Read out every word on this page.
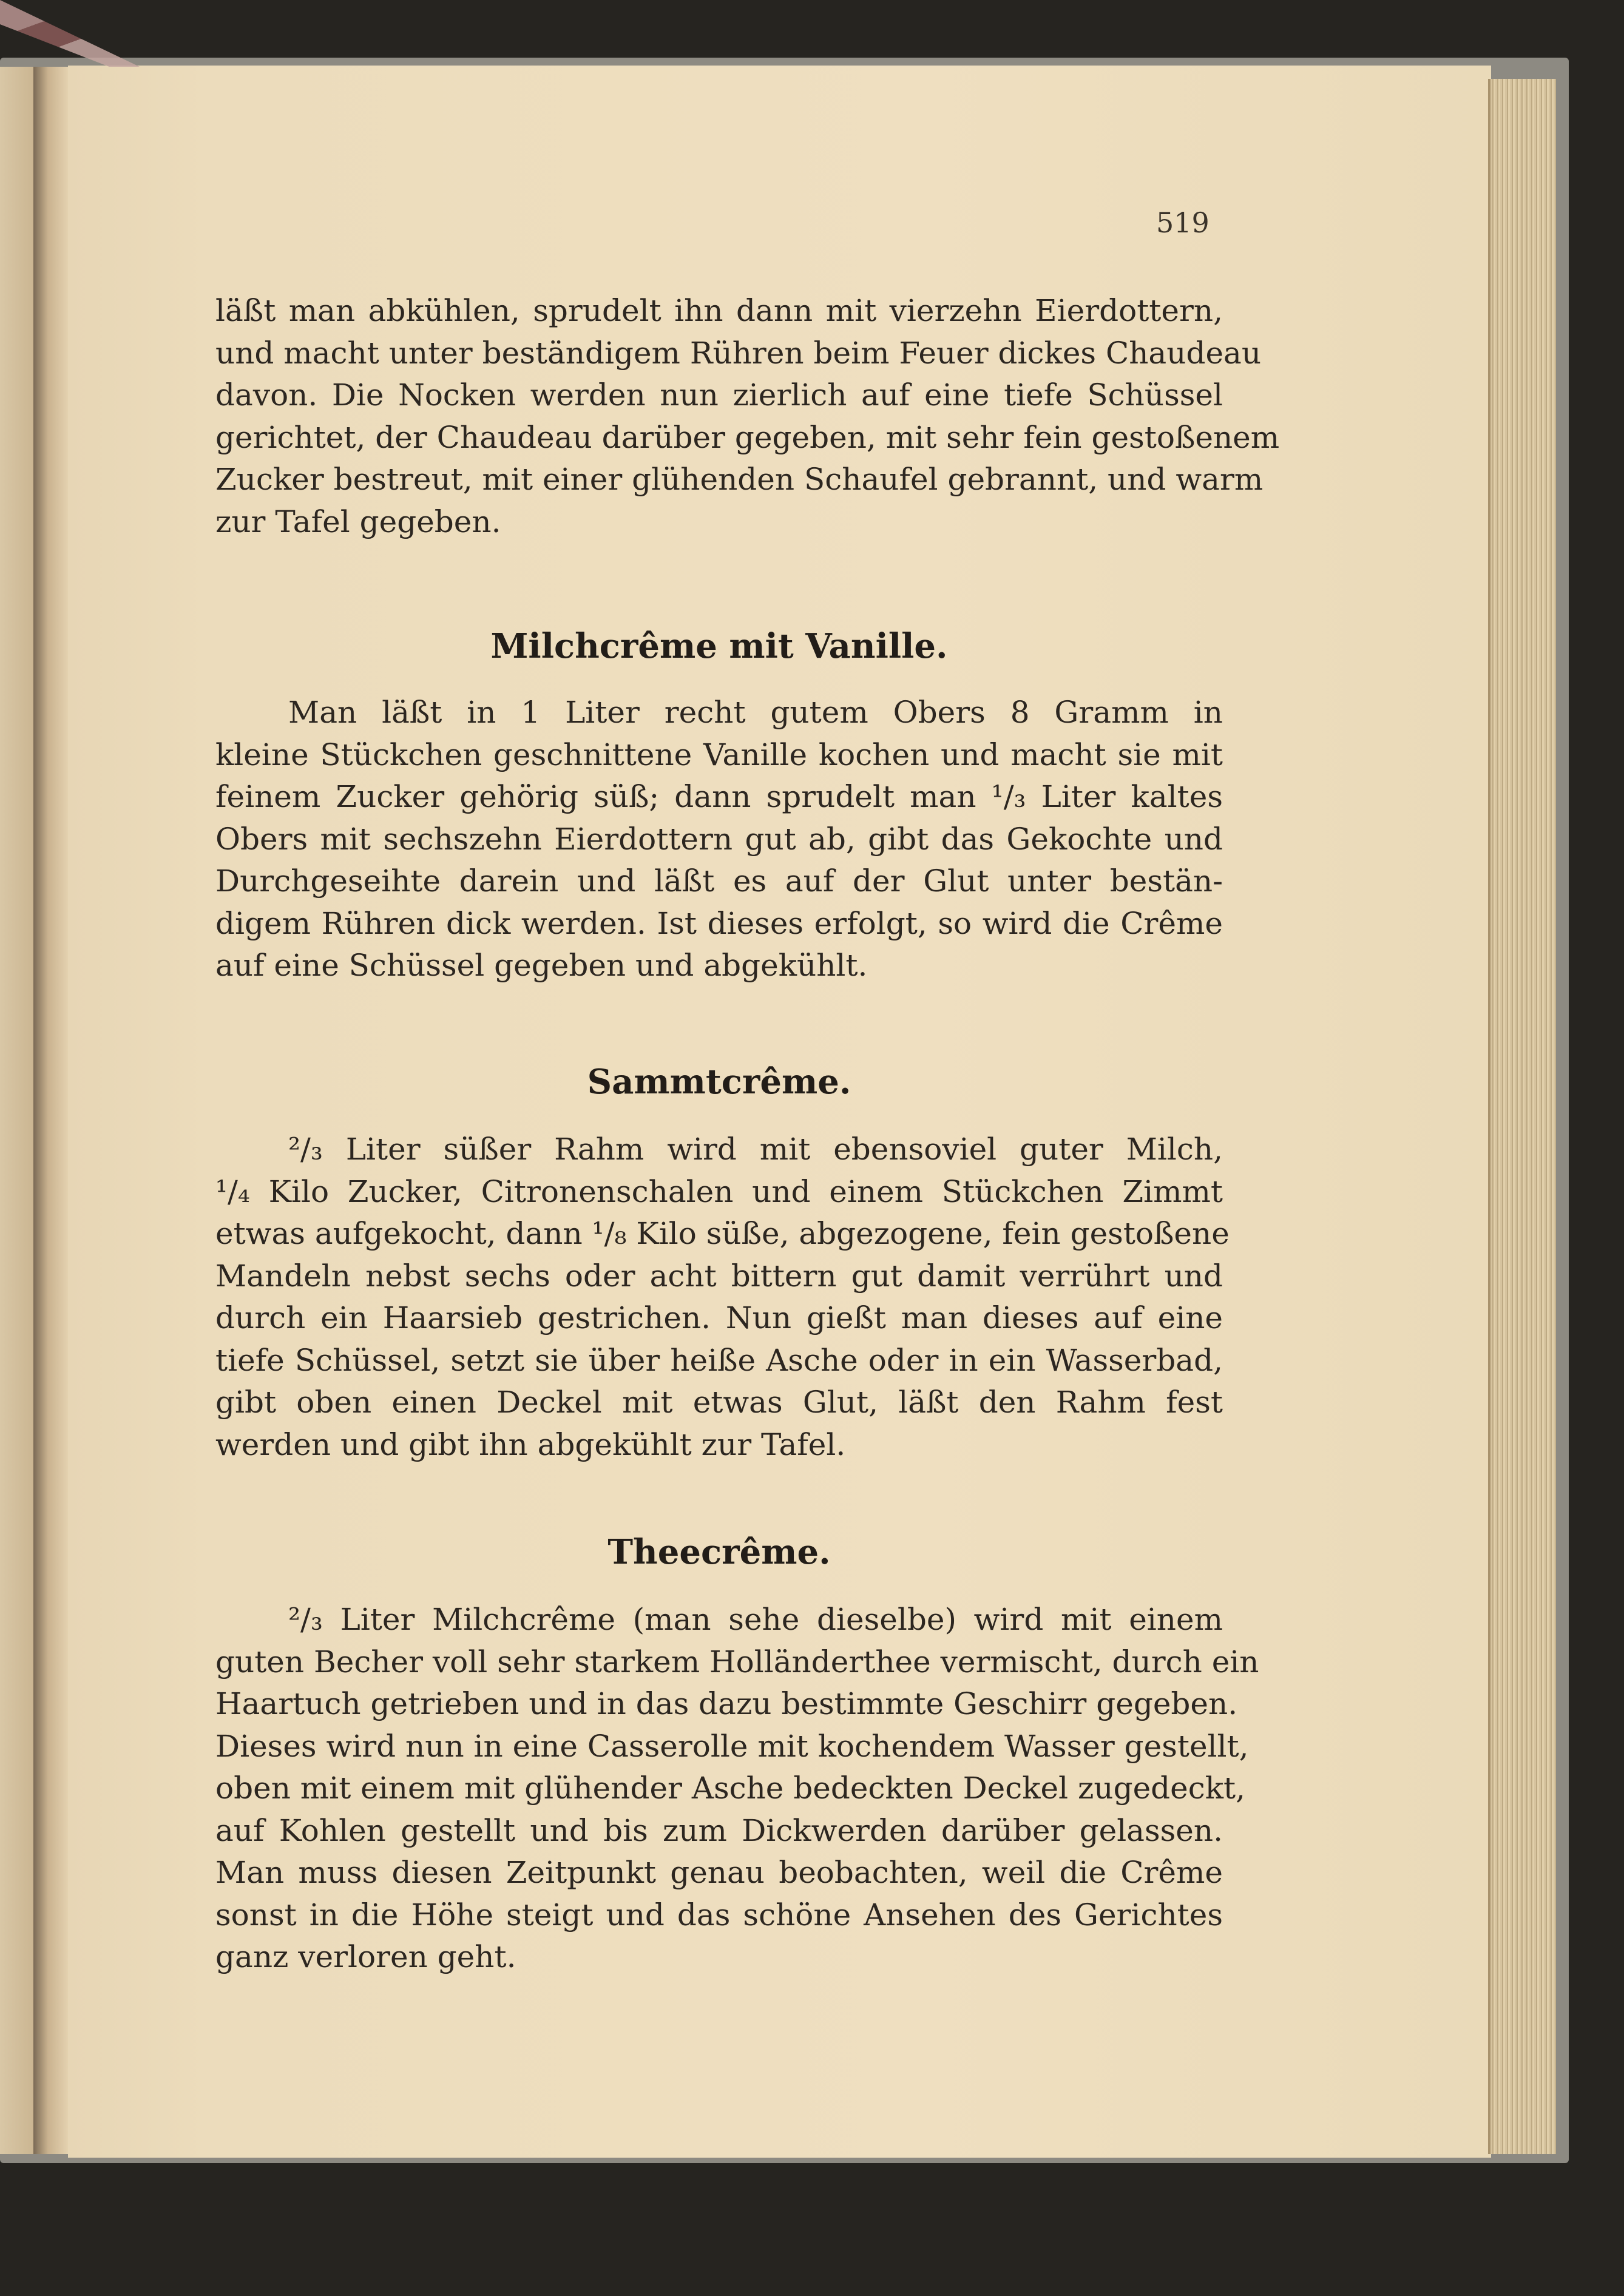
519
läßt man abkühlen, sprudelt ihn dann mit vierzehn Eierdottern,
und macht unter beständigem Rühren beim Feuer dickes Chaudeau
davon. Die Nocken werden nun zierlich auf eine tiefe Schüssel
gerichtet, der Chaudeau darüber gegeben, mit sehr fein gestoßenem
Zucker bestreut, mit einer glühenden Schaufel gebrannt, und warm
zur Tafel gegeben.
Milchcrême mit Vanille.
Man läßt in 1 Liter recht gutem Obers 8 Gramm in
kleine Stückchen geschnittene Vanille kochen und macht sie mit
feinem Zucker gehörig süß; dann sprudelt man ¹/₃ Liter kaltes
Obers mit sechszehn Eierdottern gut ab, gibt das Gekochte und
Durchgeseihte darein und läßt es auf der Glut unter bestän-
digem Rühren dick werden. Ist dieses erfolgt, so wird die Crême
auf eine Schüssel gegeben und abgekühlt.
Sammtcrême.
²/₃ Liter süßer Rahm wird mit ebensoviel guter Milch,
¹/₄ Kilo Zucker, Citronenschalen und einem Stückchen Zimmt
etwas aufgekocht, dann ¹/₈ Kilo süße, abgezogene, fein gestoßene
Mandeln nebst sechs oder acht bittern gut damit verrührt und
durch ein Haarsieb gestrichen. Nun gießt man dieses auf eine
tiefe Schüssel, setzt sie über heiße Asche oder in ein Wasserbad,
gibt oben einen Deckel mit etwas Glut, läßt den Rahm fest
werden und gibt ihn abgekühlt zur Tafel.
Theecrême.
²/₃ Liter Milchcrême (man sehe dieselbe) wird mit einem
guten Becher voll sehr starkem Holländerthee vermischt, durch ein
Haartuch getrieben und in das dazu bestimmte Geschirr gegeben.
Dieses wird nun in eine Casserolle mit kochendem Wasser gestellt,
oben mit einem mit glühender Asche bedeckten Deckel zugedeckt,
auf Kohlen gestellt und bis zum Dickwerden darüber gelassen.
Man muss diesen Zeitpunkt genau beobachten, weil die Crême
sonst in die Höhe steigt und das schöne Ansehen des Gerichtes
ganz verloren geht.
